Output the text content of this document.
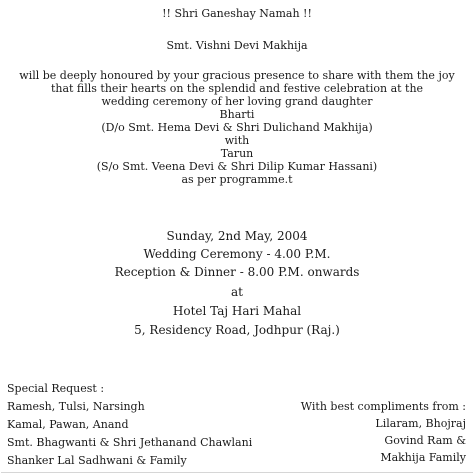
!! Shri Ganeshay Namah !!
Smt. Vishni Devi Makhija
will be deeply honoured by your gracious presence to share with them the joy
that fills their hearts on the splendid and festive celebration at the
wedding ceremony of her loving grand daughter
Bharti
(D/o Smt. Hema Devi & Shri Dulichand Makhija)
with
Tarun
(S/o Smt. Veena Devi & Shri Dilip Kumar Hassani)
as per programme.t
Sunday, 2nd May, 2004
Wedding Ceremony - 4.00 P.M.
Reception & Dinner - 8.00 P.M. onwards
at
Hotel Taj Hari Mahal
5, Residency Road, Jodhpur (Raj.)
Special Request :
Ramesh, Tulsi, Narsingh
Kamal, Pawan, Anand
Smt. Bhagwanti & Shri Jethanand Chawlani
Shanker Lal Sadhwani & Family
With best compliments from :
Lilaram, Bhojraj
Govind Ram &
Makhija Family
